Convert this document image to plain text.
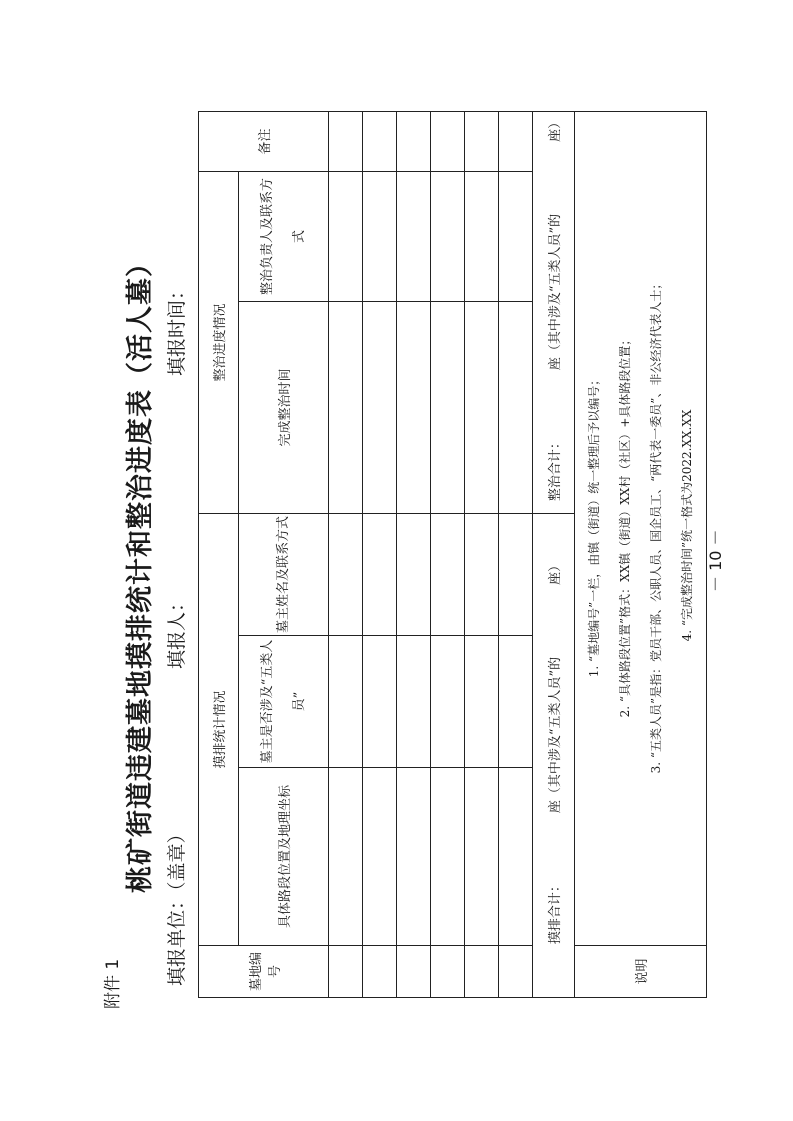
附件 1
桃矿街道违建墓地摸排统计和整治进度表（活人墓）
填报单位：（盖章）
填报人：
填报时间：
墓地编号	摸排统计情况			整治进度情况		备注
	具体路段位置及地理坐标	墓主是否涉及“五类人员”	墓主姓名及联系方式	完成整治时间	整治负责人及联系方式	

摸排合计：座（其中涉及“五类人员”的座）				整治合计：座（其中涉及“五类人员”的座）		
说明	1. “墓地编号”一栏，由镇（街道）统一整理后予以编号； 2. “具体路段位置”格式：XX镇（街道）XX村（社区）+具体路段位置； 3. “五类人员”是指：党员干部、公职人员、国企员工、“两代表一委员”、非公经济代表人士； 4. “完成整治时间”统一格式为2022.XX.XX					－ 10 －
